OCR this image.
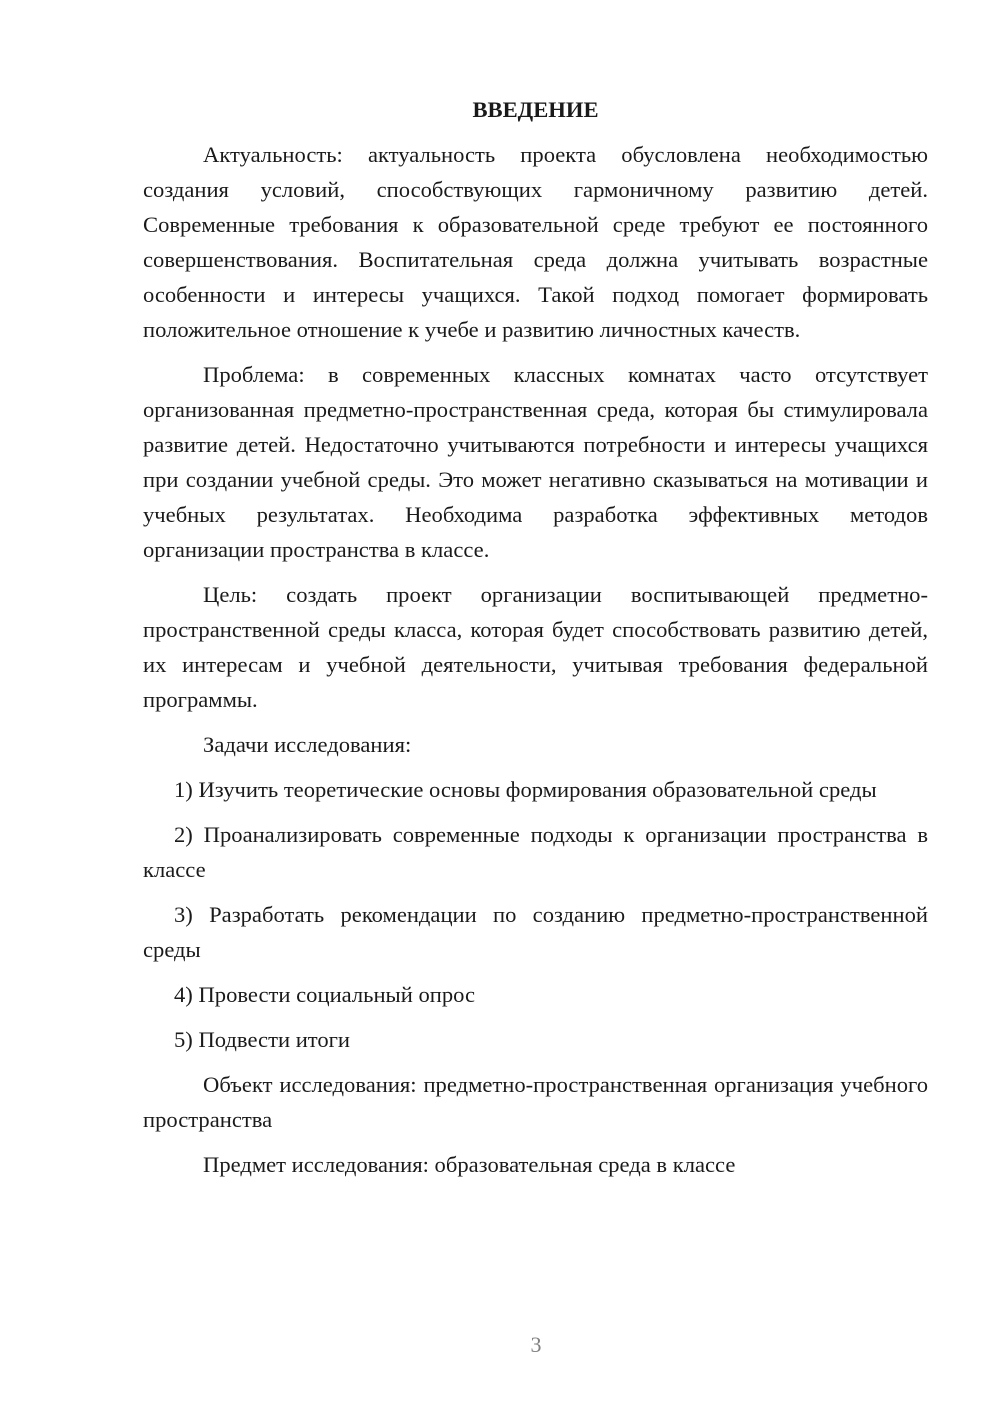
ВВЕДЕНИЕ

Актуальность: актуальность проекта обусловлена необходимостью создания условий, способствующих гармоничному развитию детей. Современные требования к образовательной среде требуют ее постоянного совершенствования. Воспитательная среда должна учитывать возрастные особенности и интересы учащихся. Такой подход помогает формировать положительное отношение к учебе и развитию личностных качеств.

Проблема: в современных классных комнатах часто отсутствует организованная предметно-пространственная среда, которая бы стимулировала развитие детей. Недостаточно учитываются потребности и интересы учащихся при создании учебной среды. Это может негативно сказываться на мотивации и учебных результатах. Необходима разработка эффективных методов организации пространства в классе.

Цель: создать проект организации воспитывающей предметно-пространственной среды класса, которая будет способствовать развитию детей, их интересам и учебной деятельности, учитывая требования федеральной программы.

Задачи исследования:

1) Изучить теоретические основы формирования образовательной среды

2) Проанализировать современные подходы к организации пространства в классе

3) Разработать рекомендации по созданию предметно-пространственной среды

4) Провести социальный опрос

5) Подвести итоги

Объект исследования: предметно-пространственная организация учебного пространства

Предмет исследования: образовательная среда в классе

3
